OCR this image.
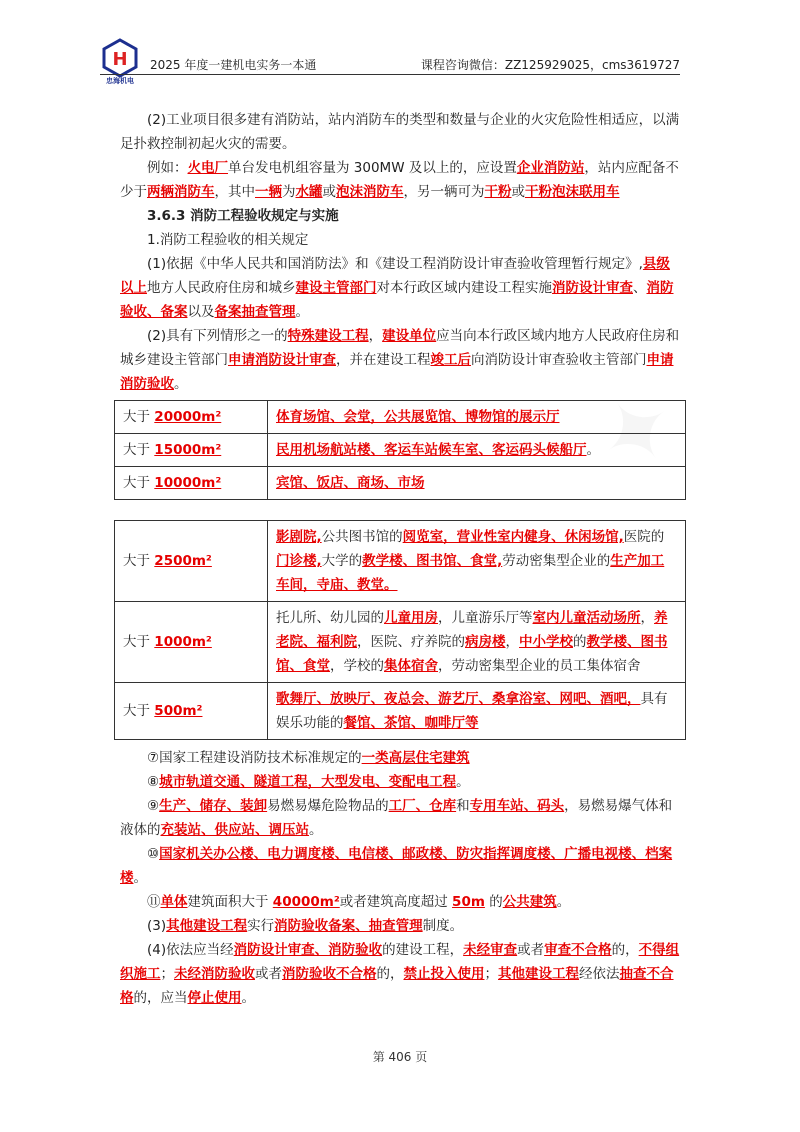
H
忠海机电
2025 年度一建机电实务一本通	课程咨询微信：ZZ125929025，cms3619727

(2)工业项目很多建有消防站，站内消防车的类型和数量与企业的火灾危险性相适应，以满足扑救控制初起火灾的需要。

例如：火电厂单台发电机组容量为 300MW 及以上的，应设置企业消防站，站内应配备不少于两辆消防车，其中一辆为水罐或泡沫消防车，另一辆可为干粉或干粉泡沫联用车

3.6.3 消防工程验收规定与实施

1.消防工程验收的相关规定

(1)依据《中华人民共和国消防法》和《建设工程消防设计审查验收管理暂行规定》,县级以上地方人民政府住房和城乡建设主管部门对本行政区域内建设工程实施消防设计审查、消防验收、备案以及备案抽查管理。

(2)具有下列情形之一的特殊建设工程，建设单位应当向本行政区域内地方人民政府住房和城乡建设主管部门申请消防设计审查，并在建设工程竣工后向消防设计审查验收主管部门申请消防验收。

大于 20000m²	体育场馆、会堂，公共展览馆、博物馆的展示厅
大于 15000m²	民用机场航站楼、客运车站候车室、客运码头候船厅。
大于 10000m²	宾馆、饭店、商场、市场
大于 2500m²	影剧院,公共图书馆的阅览室，营业性室内健身、休闲场馆,医院的门诊楼,大学的教学楼、图书馆、食堂,劳动密集型企业的生产加工车间，寺庙、教堂。
大于 1000m²	托儿所、幼儿园的儿童用房，儿童游乐厅等室内儿童活动场所，养老院、福利院，医院、疗养院的病房楼，中小学校的教学楼、图书馆、食堂，学校的集体宿舍，劳动密集型企业的员工集体宿舍
大于 500m²	歌舞厅、放映厅、夜总会、游艺厅、桑拿浴室、网吧、酒吧，具有娱乐功能的餐馆、茶馆、咖啡厅等

⑦国家工程建设消防技术标准规定的一类高层住宅建筑

⑧城市轨道交通、隧道工程，大型发电、变配电工程。

⑨生产、储存、装卸易燃易爆危险物品的工厂、仓库和专用车站、码头，易燃易爆气体和液体的充装站、供应站、调压站。

⑩国家机关办公楼、电力调度楼、电信楼、邮政楼、防灾指挥调度楼、广播电视楼、档案楼。

⑪单体建筑面积大于 40000m²或者建筑高度超过 50m 的公共建筑。

(3)其他建设工程实行消防验收备案、抽查管理制度。

(4)依法应当经消防设计审查、消防验收的建设工程，未经审查或者审查不合格的，不得组织施工；未经消防验收或者消防验收不合格的，禁止投入使用；其他建设工程经依法抽查不合格的，应当停止使用。

第 406 页
